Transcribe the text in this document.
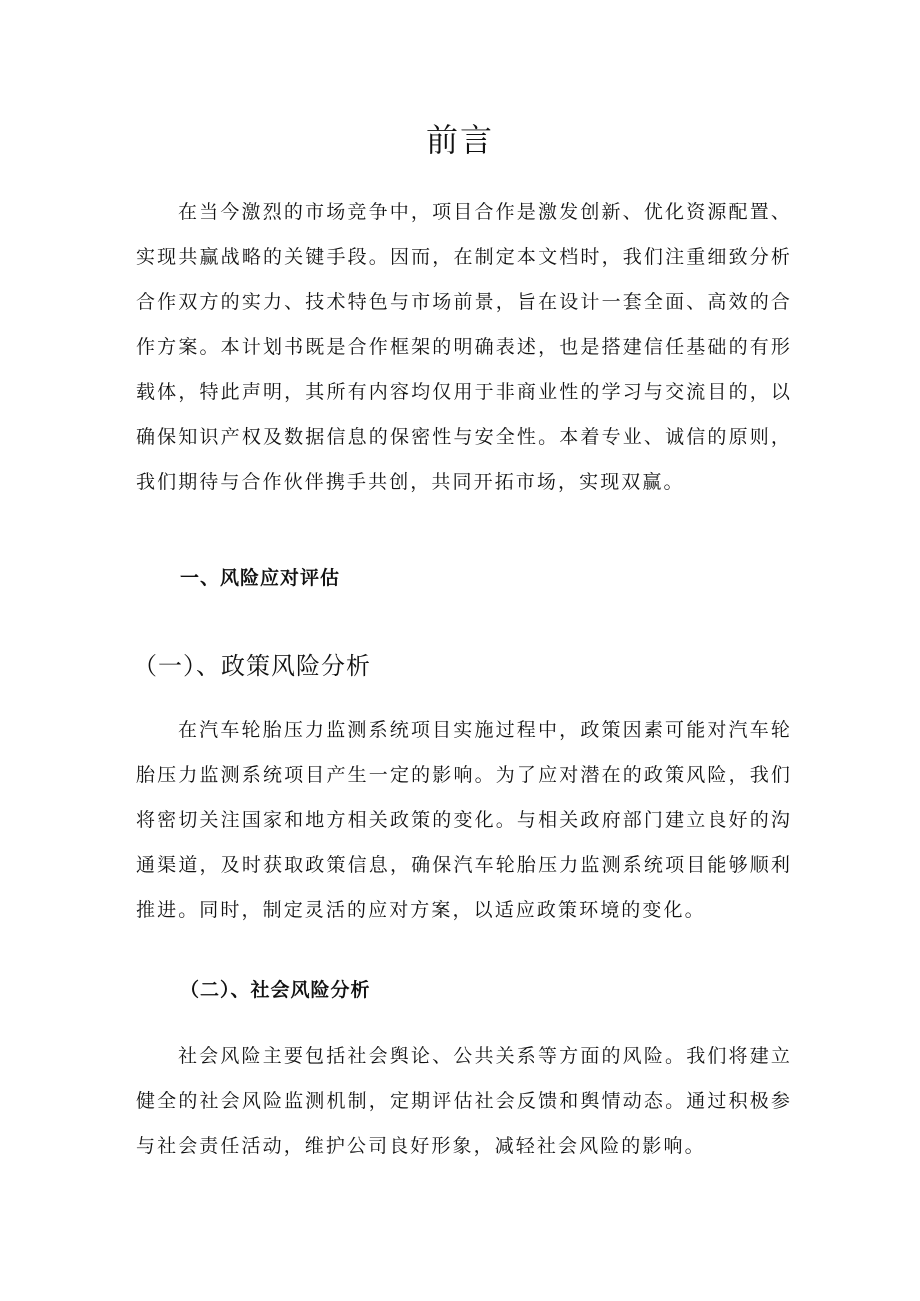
前言

在当今激烈的市场竞争中，项目合作是激发创新、优化资源配置、实现共赢战略的关键手段。因而，在制定本文档时，我们注重细致分析合作双方的实力、技术特色与市场前景，旨在设计一套全面、高效的合作方案。本计划书既是合作框架的明确表述，也是搭建信任基础的有形载体，特此声明，其所有内容均仅用于非商业性的学习与交流目的，以确保知识产权及数据信息的保密性与安全性。本着专业、诚信的原则，我们期待与合作伙伴携手共创，共同开拓市场，实现双赢。

一、风险应对评估
（一）、政策风险分析

在汽车轮胎压力监测系统项目实施过程中，政策因素可能对汽车轮胎压力监测系统项目产生一定的影响。为了应对潜在的政策风险，我们将密切关注国家和地方相关政策的变化。与相关政府部门建立良好的沟通渠道，及时获取政策信息，确保汽车轮胎压力监测系统项目能够顺利推进。同时，制定灵活的应对方案，以适应政策环境的变化。

（二）、社会风险分析

社会风险主要包括社会舆论、公共关系等方面的风险。我们将建立健全的社会风险监测机制，定期评估社会反馈和舆情动态。通过积极参与社会责任活动，维护公司良好形象，减轻社会风险的影响。
